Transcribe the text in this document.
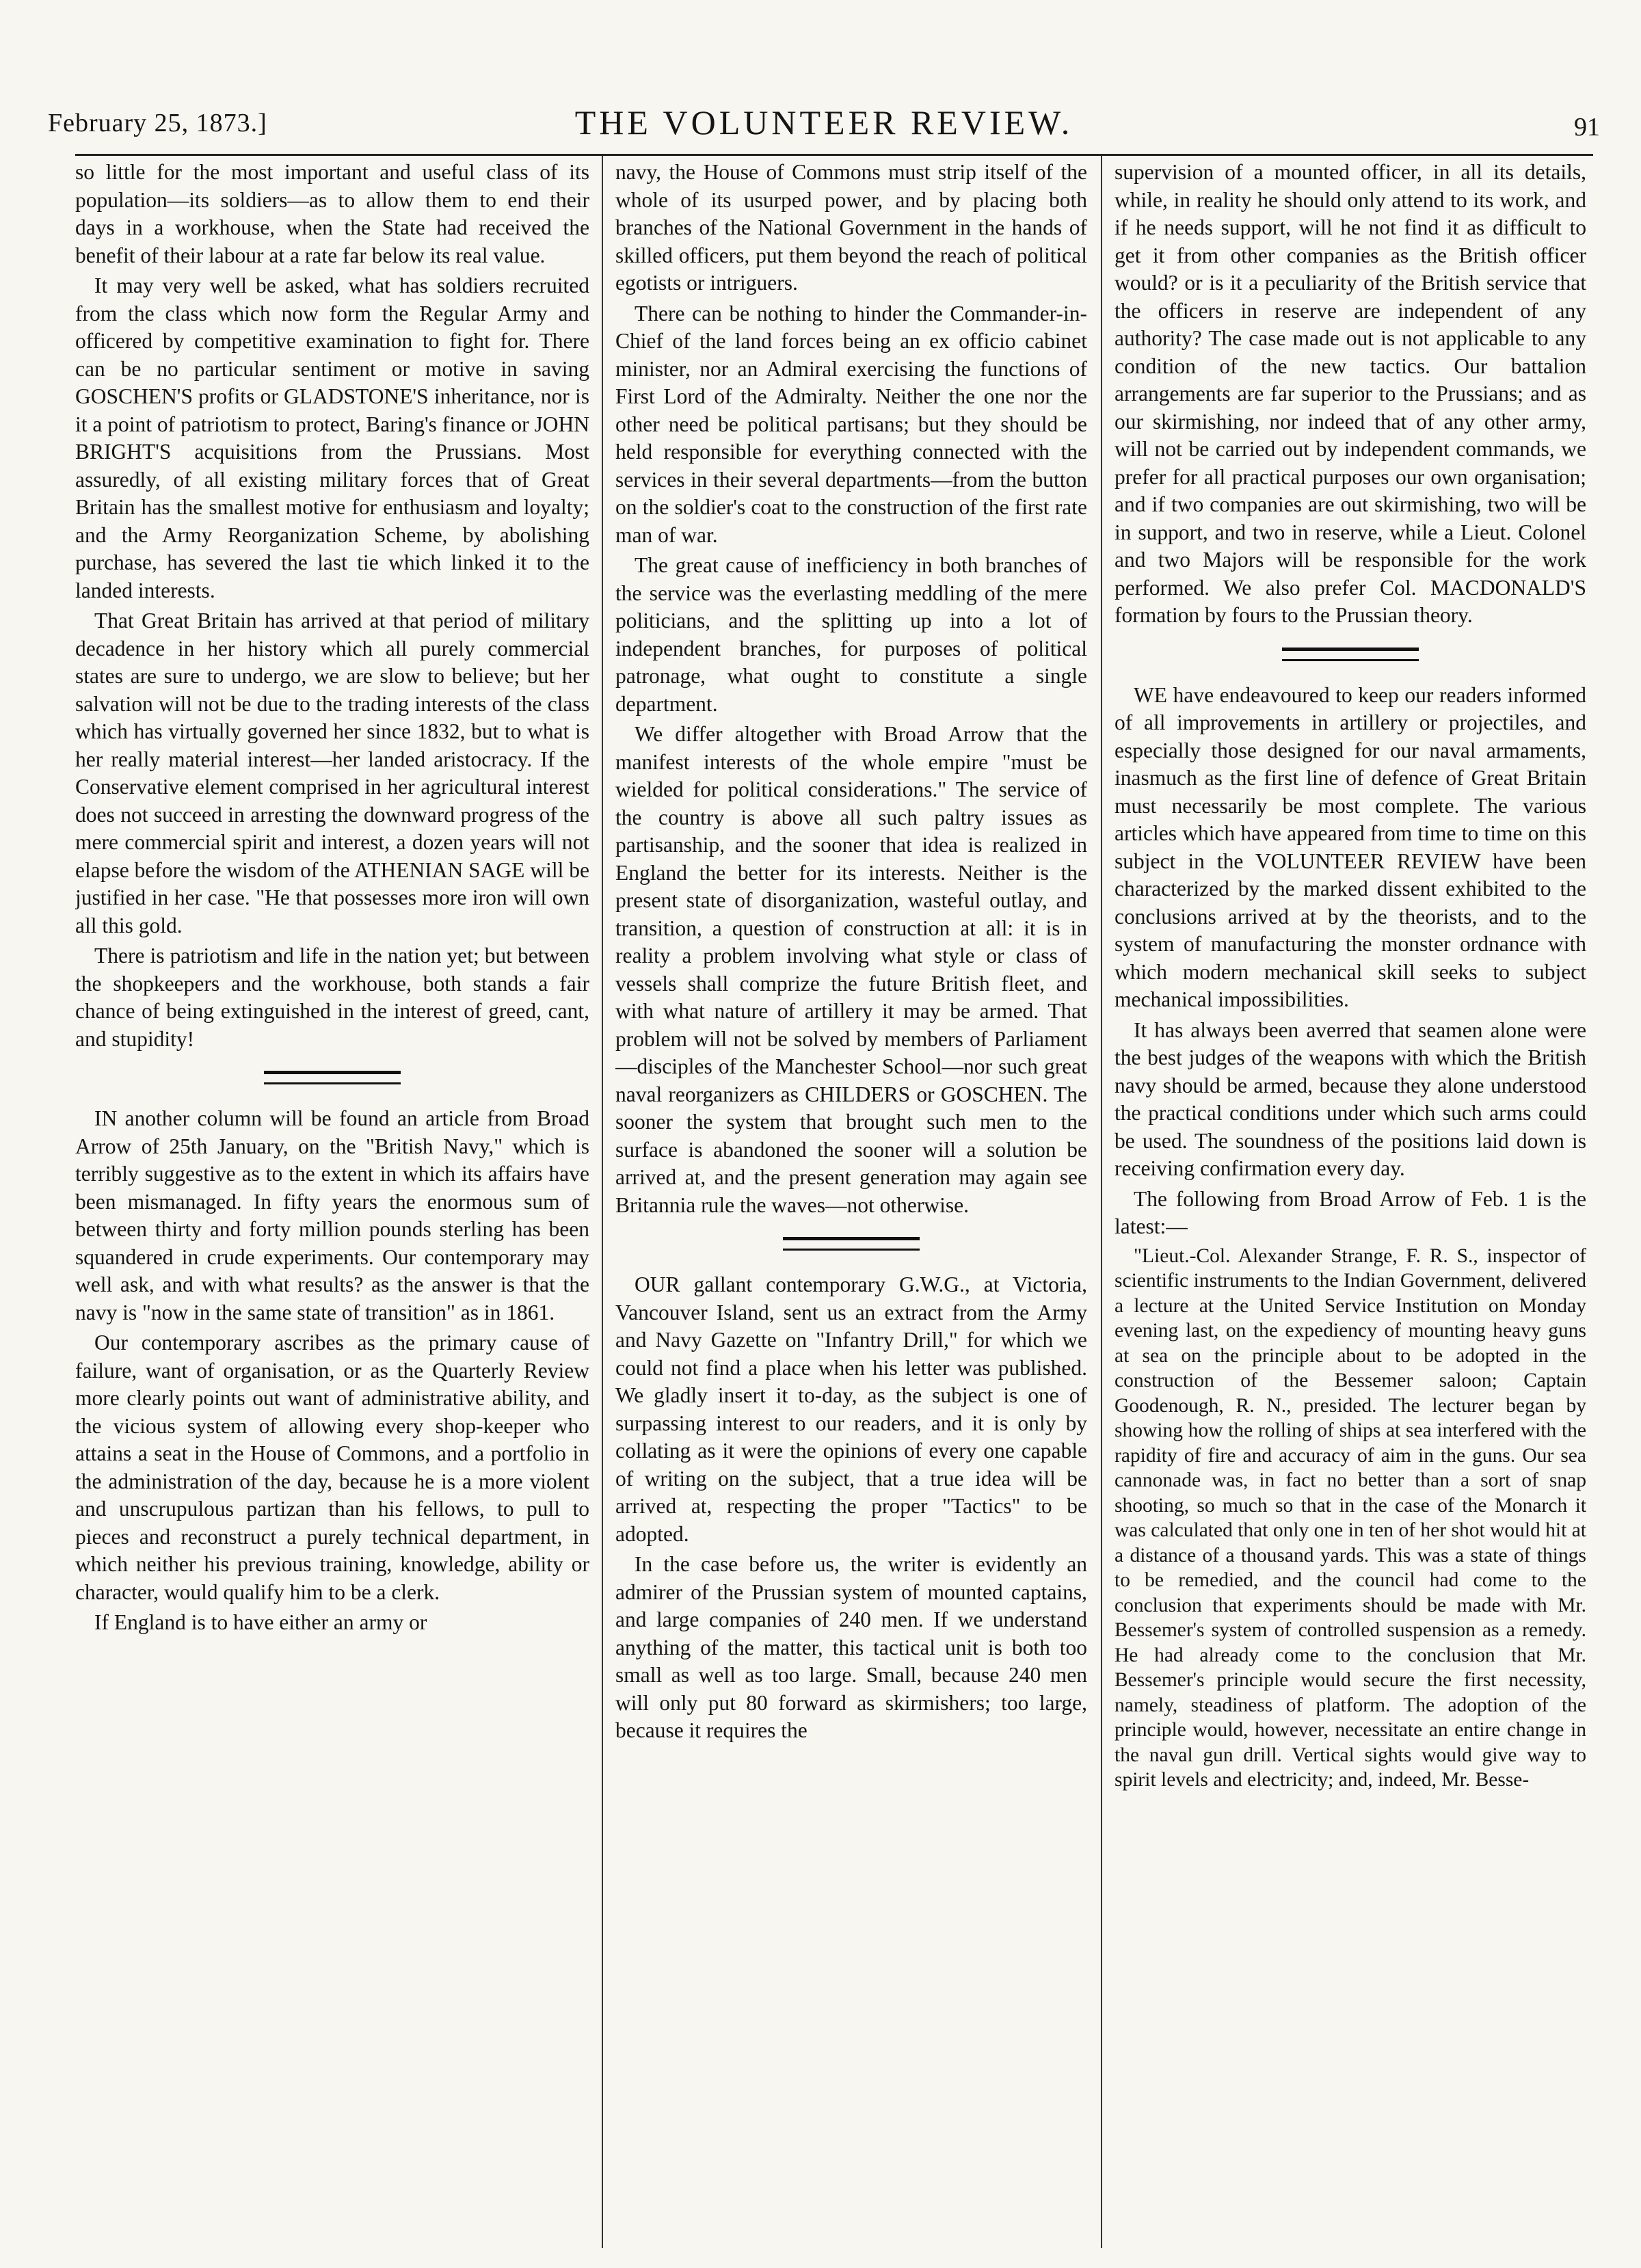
February 25, 1873.]	THE VOLUNTEER REVIEW.	91

so little for the most important and useful class of its population—its soldiers—as to allow them to end their days in a workhouse, when the State had received the benefit of their labour at a rate far below its real value.

It may very well be asked, what has soldiers recruited from the class which now form the Regular Army and officered by competitive examination to fight for. There can be no particular sentiment or motive in saving GOSCHEN'S profits or GLADSTONE'S inheritance, nor is it a point of patriotism to protect, Baring's finance or JOHN BRIGHT'S acquisitions from the Prussians. Most assuredly, of all existing military forces that of Great Britain has the smallest motive for enthusiasm and loyalty; and the Army Reorganization Scheme, by abolishing purchase, has severed the last tie which linked it to the landed interests.

That Great Britain has arrived at that period of military decadence in her history which all purely commercial states are sure to undergo, we are slow to believe; but her salvation will not be due to the trading interests of the class which has virtually governed her since 1832, but to what is her really material interest—her landed aristocracy. If the Conservative element comprised in her agricultural interest does not succeed in arresting the downward progress of the mere commercial spirit and interest, a dozen years will not elapse before the wisdom of the ATHENIAN SAGE will be justified in her case. "He that possesses more iron will own all this gold.

There is patriotism and life in the nation yet; but between the shopkeepers and the workhouse, both stands a fair chance of being extinguished in the interest of greed, cant, and stupidity!

IN another column will be found an article from Broad Arrow of 25th January, on the "British Navy," which is terribly suggestive as to the extent in which its affairs have been mismanaged. In fifty years the enormous sum of between thirty and forty million pounds sterling has been squandered in crude experiments. Our contemporary may well ask, and with what results? as the answer is that the navy is "now in the same state of transition" as in 1861.

Our contemporary ascribes as the primary cause of failure, want of organisation, or as the Quarterly Review more clearly points out want of administrative ability, and the vicious system of allowing every shop-keeper who attains a seat in the House of Commons, and a portfolio in the administration of the day, because he is a more violent and unscrupulous partizan than his fellows, to pull to pieces and reconstruct a purely technical department, in which neither his previous training, knowledge, ability or character, would qualify him to be a clerk.

If England is to have either an army or

navy, the House of Commons must strip itself of the whole of its usurped power, and by placing both branches of the National Government in the hands of skilled officers, put them beyond the reach of political egotists or intriguers.

There can be nothing to hinder the Commander-in-Chief of the land forces being an ex officio cabinet minister, nor an Admiral exercising the functions of First Lord of the Admiralty. Neither the one nor the other need be political partisans; but they should be held responsible for everything connected with the services in their several departments—from the button on the soldier's coat to the construction of the first rate man of war.

The great cause of inefficiency in both branches of the service was the everlasting meddling of the mere politicians, and the splitting up into a lot of independent branches, for purposes of political patronage, what ought to constitute a single department.

We differ altogether with Broad Arrow that the manifest interests of the whole empire "must be wielded for political considerations." The service of the country is above all such paltry issues as partisanship, and the sooner that idea is realized in England the better for its interests. Neither is the present state of disorganization, wasteful outlay, and transition, a question of construction at all: it is in reality a problem involving what style or class of vessels shall comprize the future British fleet, and with what nature of artillery it may be armed. That problem will not be solved by members of Parliament—disciples of the Manchester School—nor such great naval reorganizers as CHILDERS or GOSCHEN. The sooner the system that brought such men to the surface is abandoned the sooner will a solution be arrived at, and the present generation may again see Britannia rule the waves—not otherwise.

OUR gallant contemporary G.W.G., at Victoria, Vancouver Island, sent us an extract from the Army and Navy Gazette on "Infantry Drill," for which we could not find a place when his letter was published. We gladly insert it to-day, as the subject is one of surpassing interest to our readers, and it is only by collating as it were the opinions of every one capable of writing on the subject, that a true idea will be arrived at, respecting the proper "Tactics" to be adopted.

In the case before us, the writer is evidently an admirer of the Prussian system of mounted captains, and large companies of 240 men. If we understand anything of the matter, this tactical unit is both too small as well as too large. Small, because 240 men will only put 80 forward as skirmishers; too large, because it requires the

supervision of a mounted officer, in all its details, while, in reality he should only attend to its work, and if he needs support, will he not find it as difficult to get it from other companies as the British officer would? or is it a peculiarity of the British service that the officers in reserve are independent of any authority? The case made out is not applicable to any condition of the new tactics. Our battalion arrangements are far superior to the Prussians; and as our skirmishing, nor indeed that of any other army, will not be carried out by independent commands, we prefer for all practical purposes our own organisation; and if two companies are out skirmishing, two will be in support, and two in reserve, while a Lieut. Colonel and two Majors will be responsible for the work performed. We also prefer Col. MACDONALD'S formation by fours to the Prussian theory.

WE have endeavoured to keep our readers informed of all improvements in artillery or projectiles, and especially those designed for our naval armaments, inasmuch as the first line of defence of Great Britain must necessarily be most complete. The various articles which have appeared from time to time on this subject in the VOLUNTEER REVIEW have been characterized by the marked dissent exhibited to the conclusions arrived at by the theorists, and to the system of manufacturing the monster ordnance with which modern mechanical skill seeks to subject mechanical impossibilities.

It has always been averred that seamen alone were the best judges of the weapons with which the British navy should be armed, because they alone understood the practical conditions under which such arms could be used. The soundness of the positions laid down is receiving confirmation every day.

The following from Broad Arrow of Feb. 1 is the latest:—

"Lieut.-Col. Alexander Strange, F. R. S., inspector of scientific instruments to the Indian Government, delivered a lecture at the United Service Institution on Monday evening last, on the expediency of mounting heavy guns at sea on the principle about to be adopted in the construction of the Bessemer saloon; Captain Goodenough, R. N., presided. The lecturer began by showing how the rolling of ships at sea interfered with the rapidity of fire and accuracy of aim in the guns. Our sea cannonade was, in fact no better than a sort of snap shooting, so much so that in the case of the Monarch it was calculated that only one in ten of her shot would hit at a distance of a thousand yards. This was a state of things to be remedied, and the council had come to the conclusion that experiments should be made with Mr. Bessemer's system of controlled suspension as a remedy. He had already come to the conclusion that Mr. Bessemer's principle would secure the first necessity, namely, steadiness of platform. The adoption of the principle would, however, necessitate an entire change in the naval gun drill. Vertical sights would give way to spirit levels and electricity; and, indeed, Mr. Besse-
